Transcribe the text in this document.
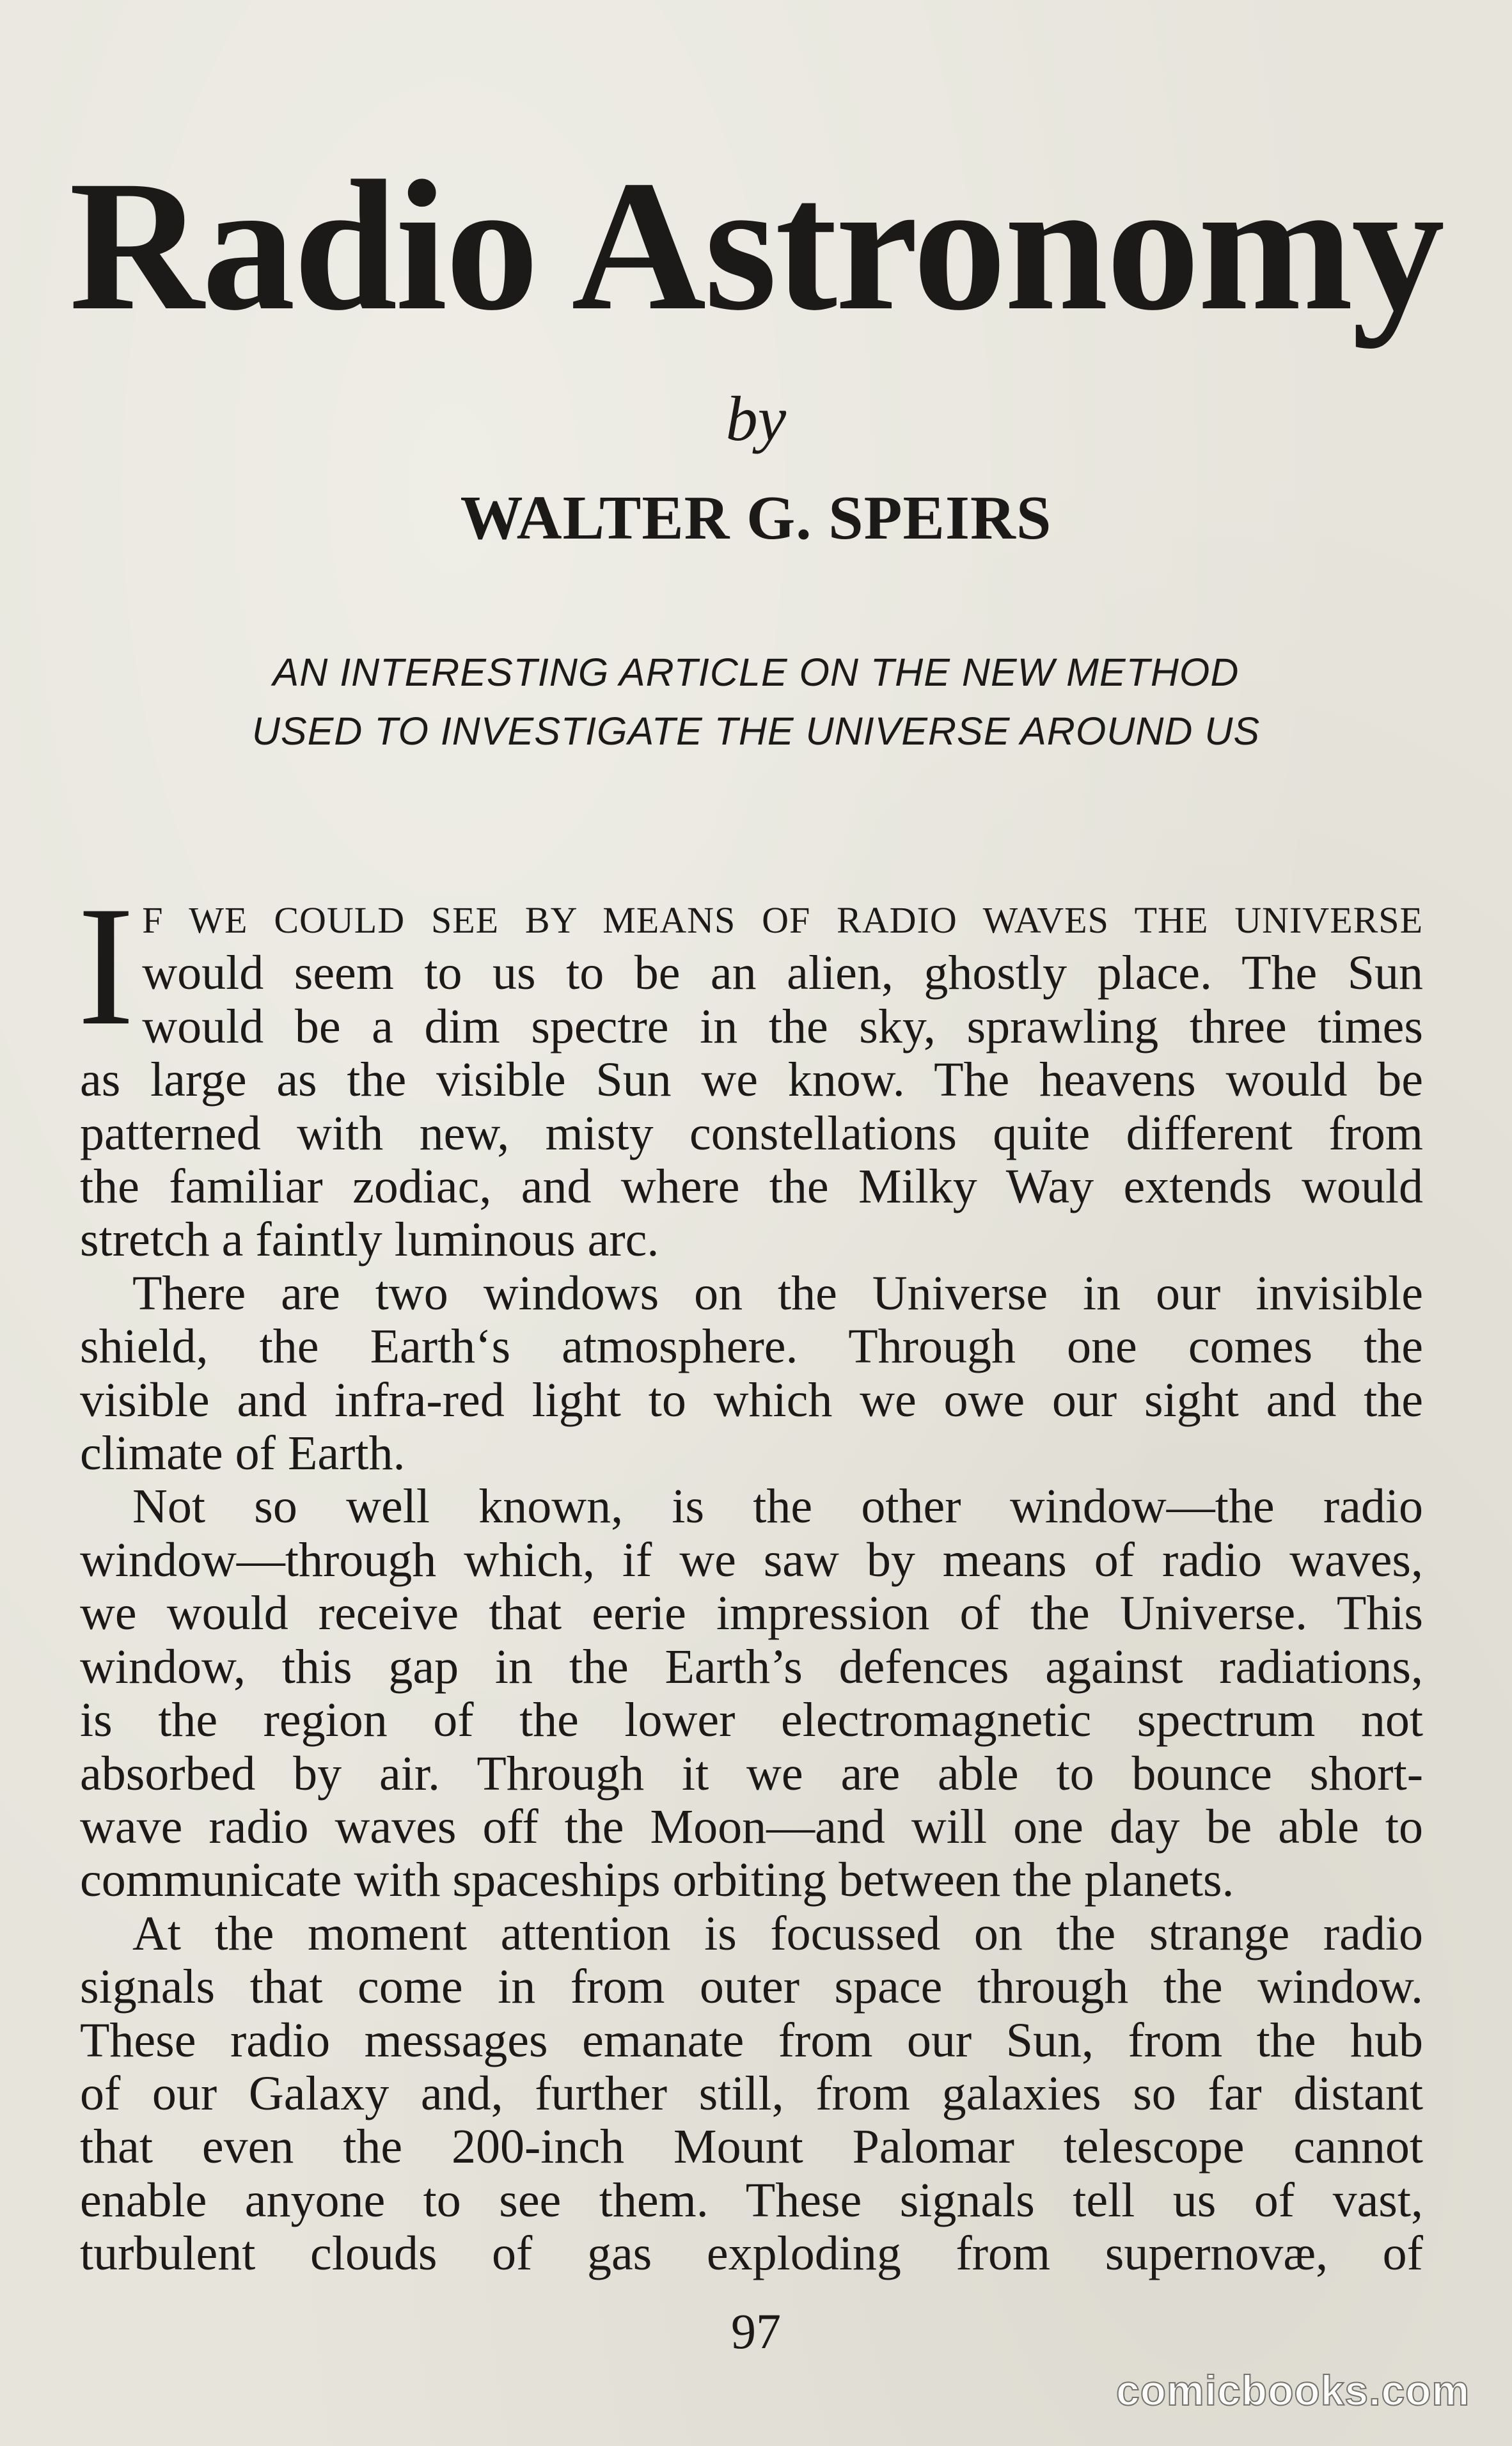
Radio Astronomy
by
WALTER G. SPEIRS
AN INTERESTING ARTICLE ON THE NEW METHOD
USED TO INVESTIGATE THE UNIVERSE AROUND US
I F WE COULD SEE BY MEANS OF RADIO WAVES THE UNIVERSE
would seem to us to be an alien, ghostly place. The Sun
would be a dim spectre in the sky, sprawling three times
as large as the visible Sun we know. The heavens would be
patterned with new, misty constellations quite different from
the familiar zodiac, and where the Milky Way extends would
stretch a faintly luminous arc.
There are two windows on the Universe in our invisible
shield, the Earth‘s atmosphere. Through one comes the
visible and infra-red light to which we owe our sight and the
climate of Earth.
Not so well known, is the other window—the radio
window—through which, if we saw by means of radio waves,
we would receive that eerie impression of the Universe. This
window, this gap in the Earth’s defences against radiations,
is the region of the lower electromagnetic spectrum not
absorbed by air. Through it we are able to bounce short-
wave radio waves off the Moon—and will one day be able to
communicate with spaceships orbiting between the planets.
At the moment attention is focussed on the strange radio
signals that come in from outer space through the window.
These radio messages emanate from our Sun, from the hub
of our Galaxy and, further still, from galaxies so far distant
that even the 200-inch Mount Palomar telescope cannot
enable anyone to see them. These signals tell us of vast,
turbulent clouds of gas exploding from supernovæ, of
97
comicbooks.com
